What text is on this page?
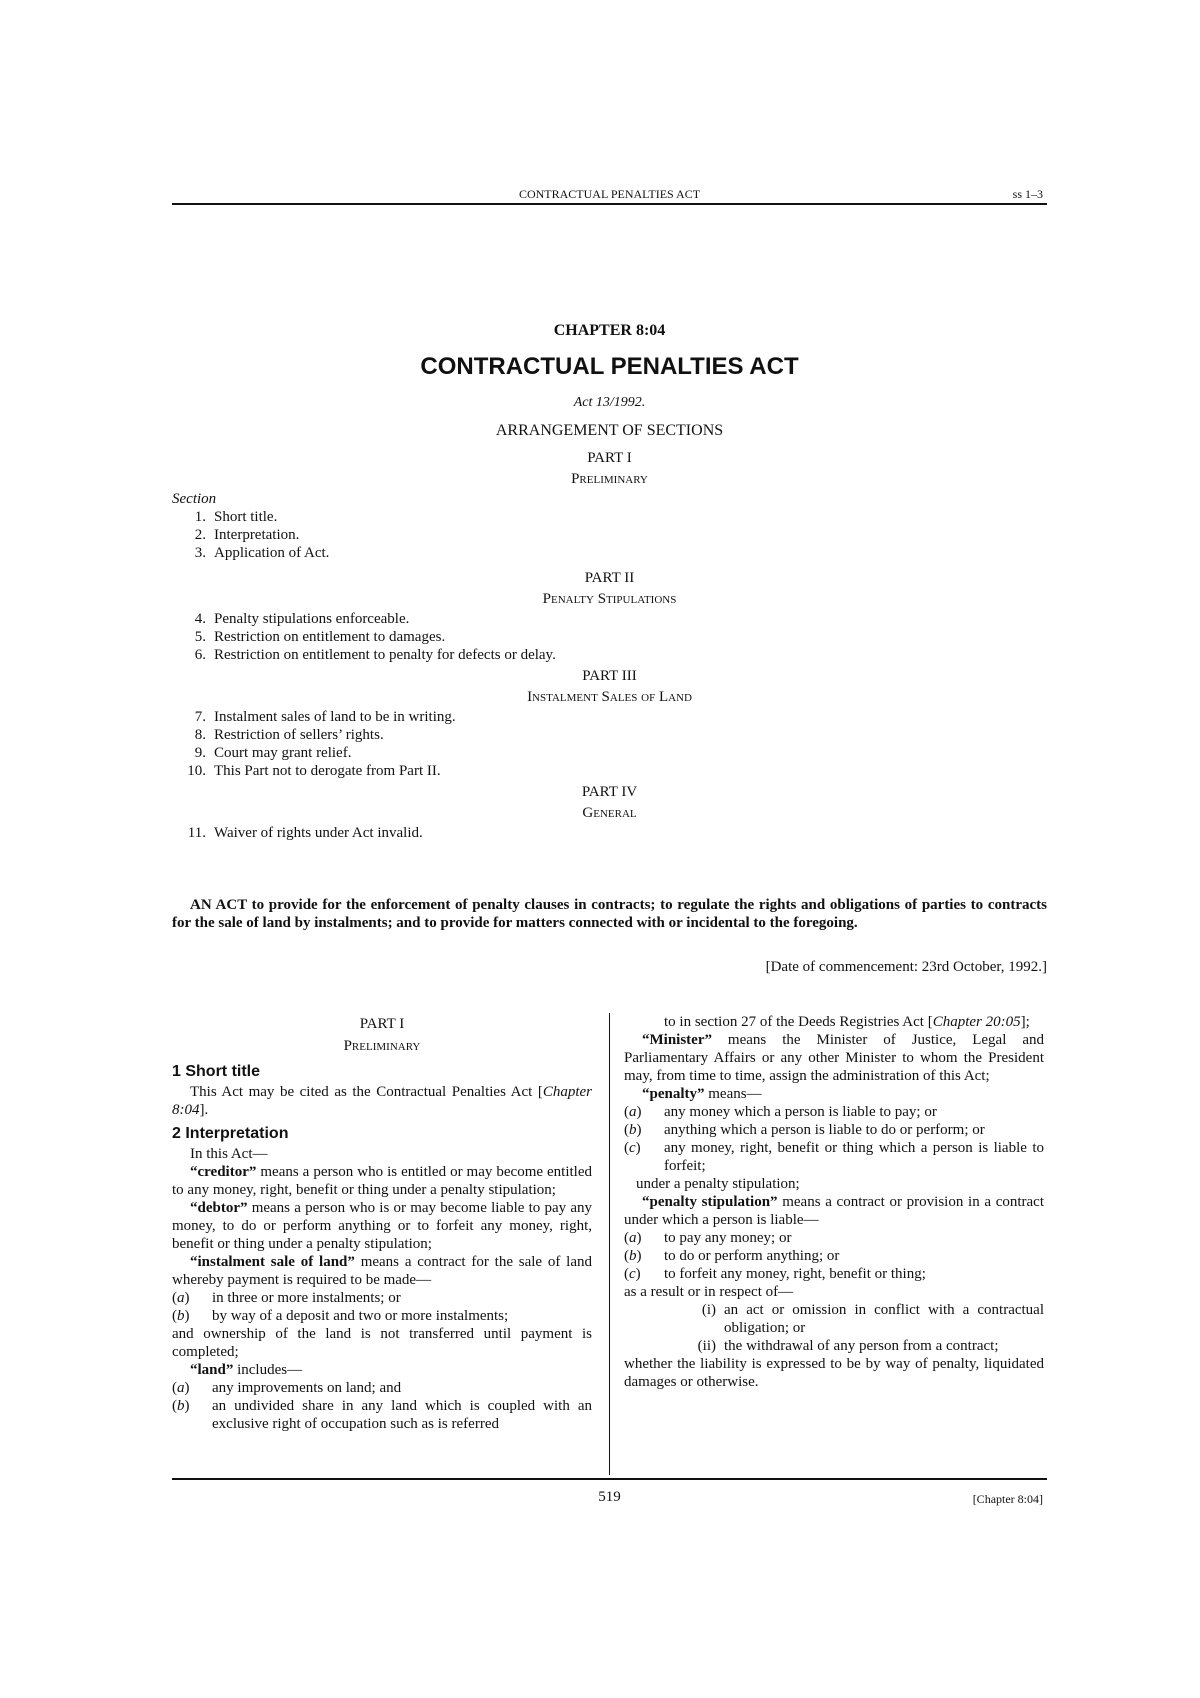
CONTRACTUAL PENALTIES ACT	ss 1–3
CHAPTER 8:04
CONTRACTUAL PENALTIES ACT
Act 13/1992.
ARRANGEMENT OF SECTIONS
PART I
Preliminary
Section
1. Short title.
2. Interpretation.
3. Application of Act.
PART II
Penalty Stipulations
4. Penalty stipulations enforceable.
5. Restriction on entitlement to damages.
6. Restriction on entitlement to penalty for defects or delay.
PART III
Instalment Sales of Land
7. Instalment sales of land to be in writing.
8. Restriction of sellers’ rights.
9. Court may grant relief.
10. This Part not to derogate from Part II.
PART IV
General
11. Waiver of rights under Act invalid.
AN ACT to provide for the enforcement of penalty clauses in contracts; to regulate the rights and obligations of parties to contracts for the sale of land by instalments; and to provide for matters connected with or incidental to the foregoing.
[Date of commencement: 23rd October, 1992.]
PART I
Preliminary
1 Short title
This Act may be cited as the Contractual Penalties Act [Chapter 8:04].
2 Interpretation
In this Act—
“creditor” means a person who is entitled or may become entitled to any money, right, benefit or thing under a penalty stipulation;
“debtor” means a person who is or may become liable to pay any money, to do or perform anything or to forfeit any money, right, benefit or thing under a penalty stipulation;
“instalment sale of land” means a contract for the sale of land whereby payment is required to be made—
(a)	in three or more instalments; or
(b)	by way of a deposit and two or more instalments;
and ownership of the land is not transferred until payment is completed;
“land” includes—
(a)	any improvements on land; and
(b)	an undivided share in any land which is coupled with an exclusive right of occupation such as is referred
to in section 27 of the Deeds Registries Act [Chapter 20:05];
“Minister” means the Minister of Justice, Legal and Parliamentary Affairs or any other Minister to whom the President may, from time to time, assign the administration of this Act;
“penalty” means—
(a)	any money which a person is liable to pay; or
(b)	anything which a person is liable to do or perform; or
(c)	any money, right, benefit or thing which a person is liable to forfeit;
under a penalty stipulation;
“penalty stipulation” means a contract or provision in a contract under which a person is liable—
(a)	to pay any money; or
(b)	to do or perform anything; or
(c)	to forfeit any money, right, benefit or thing;
as a result or in respect of—
(i) an act or omission in conflict with a contractual obligation; or
(ii) the withdrawal of any person from a contract;
whether the liability is expressed to be by way of penalty, liquidated damages or otherwise.
519	[Chapter 8:04]
